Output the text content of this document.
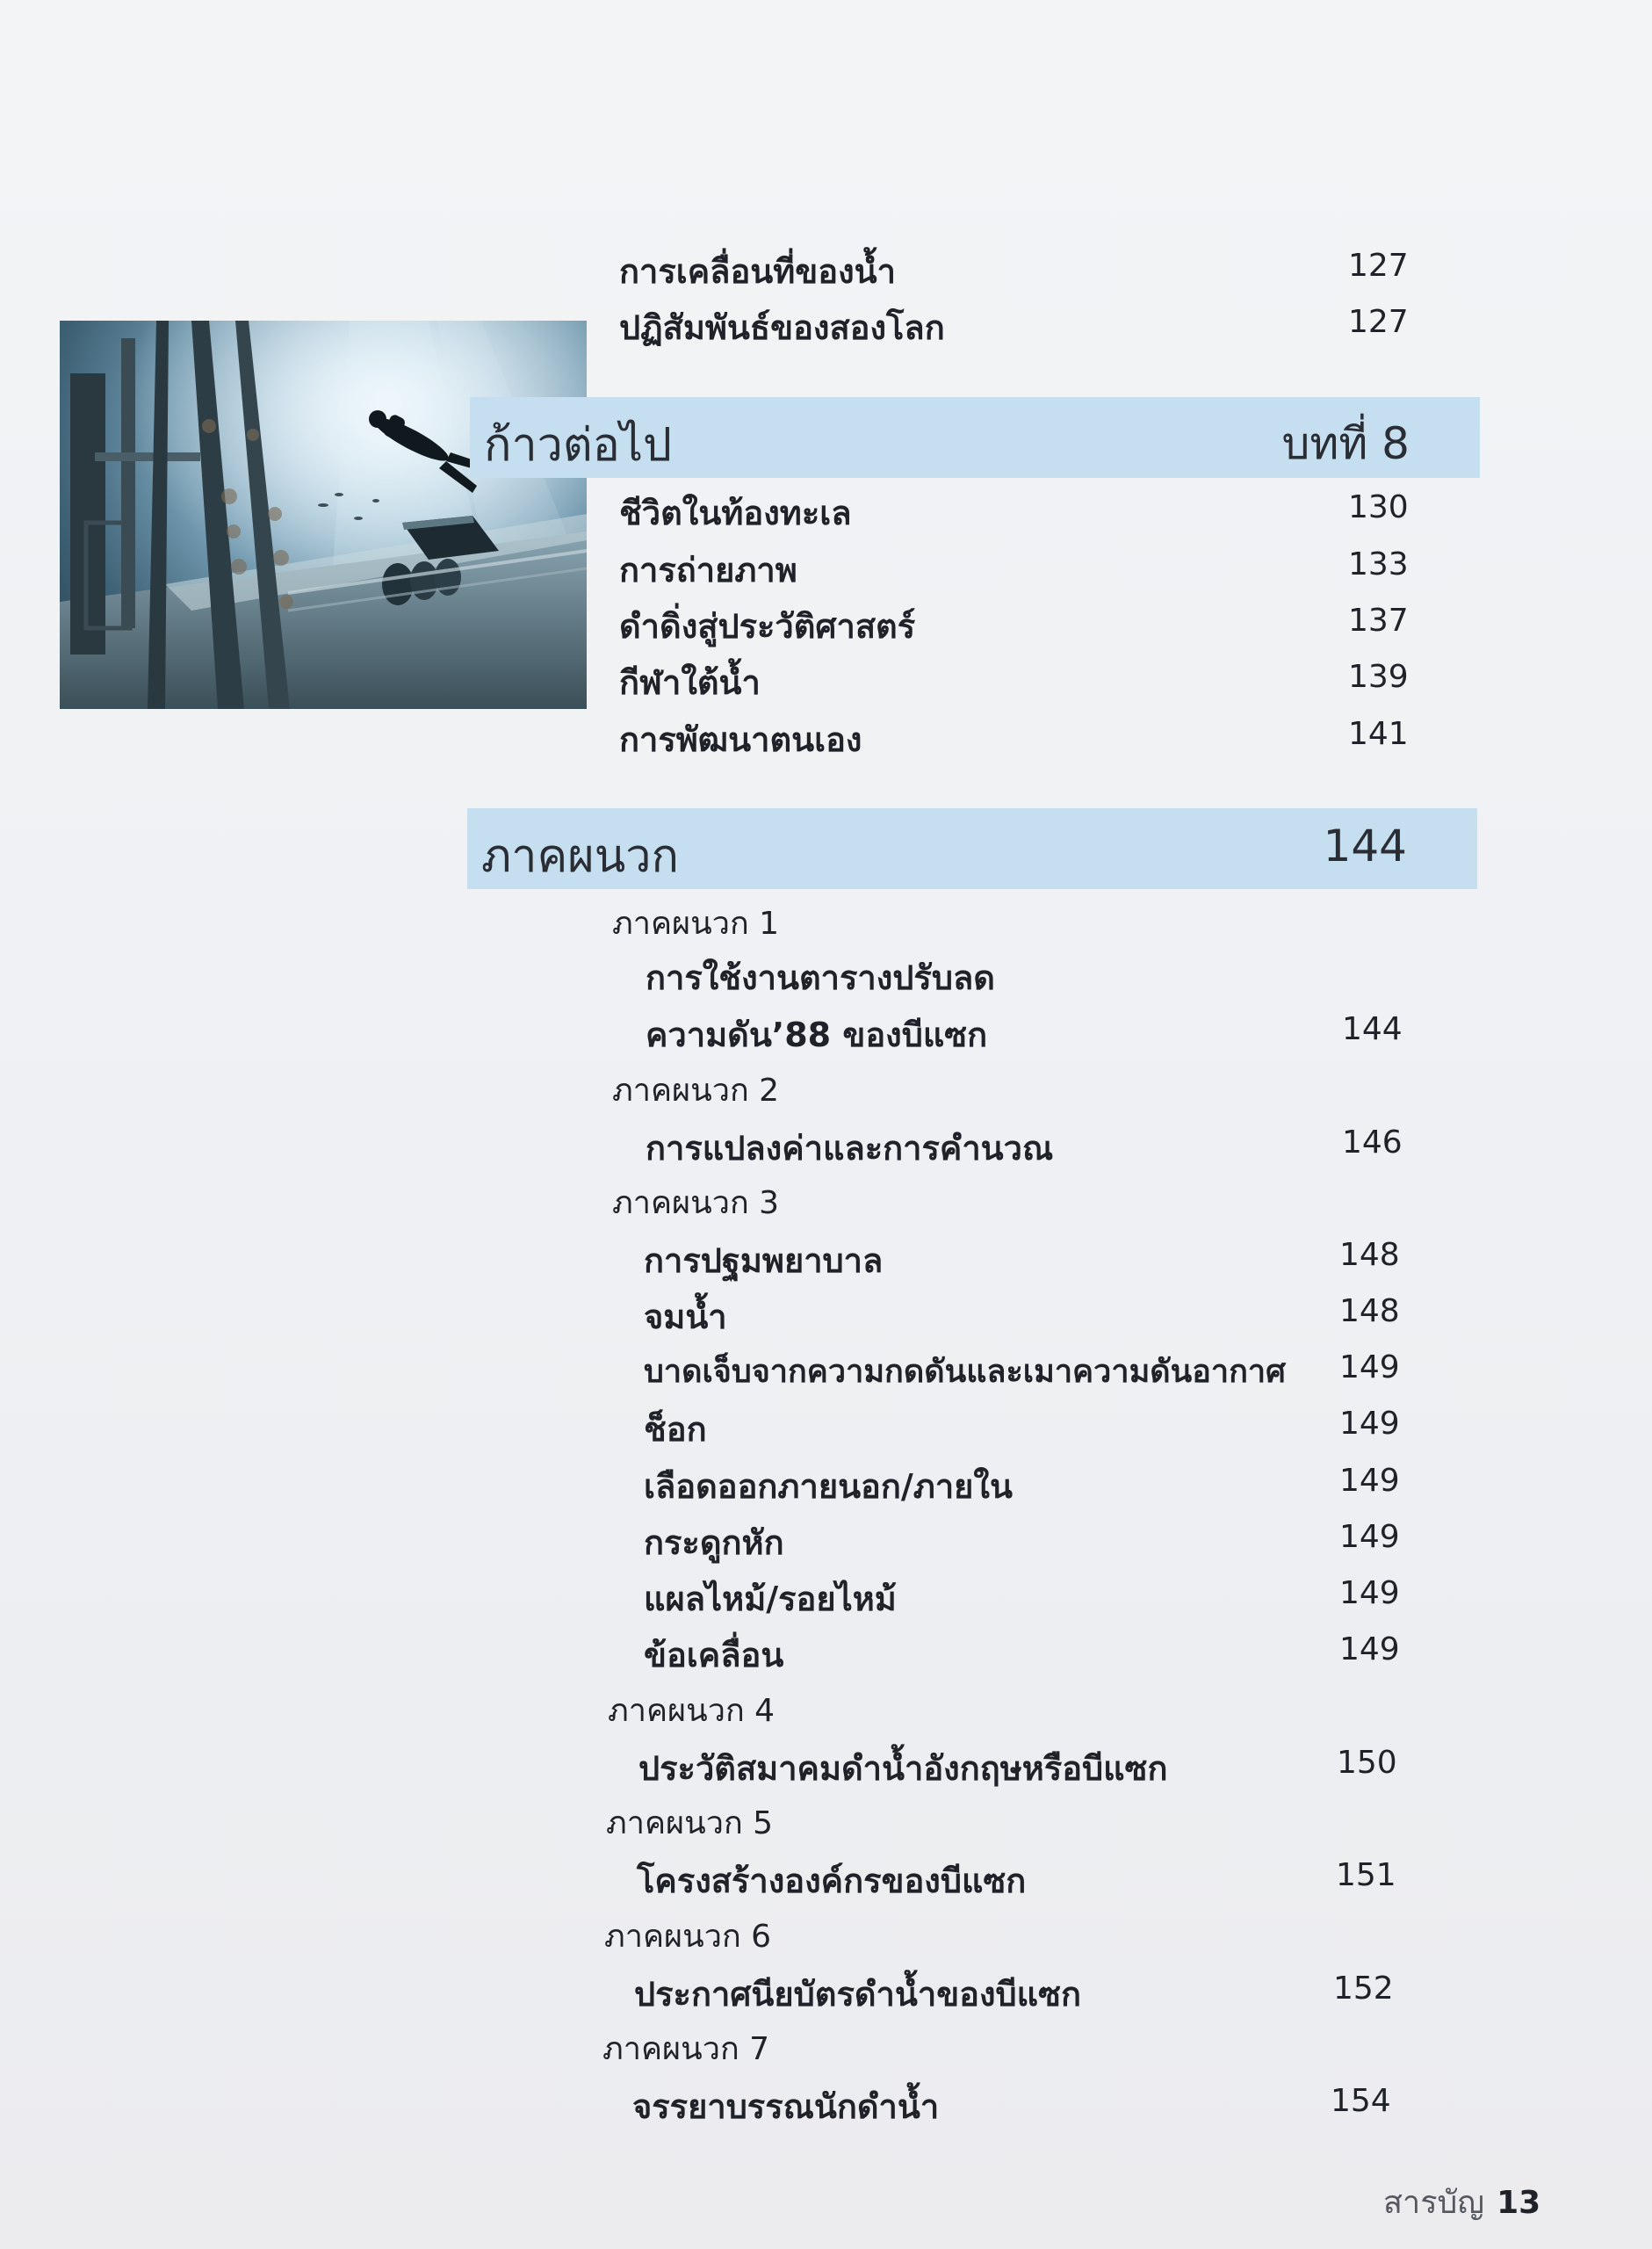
การเคลื่อนที่ของน้ำ	127
ปฏิสัมพันธ์ของสองโลก	127
ก้าวต่อไป	บทที่ 8
ชีวิตในท้องทะเล	130
การถ่ายภาพ	133
ดำดิ่งสู่ประวัติศาสตร์	137
กีฬาใต้น้ำ	139
การพัฒนาตนเอง	141
ภาคผนวก	144
ภาคผนวก 1
การใช้งานตารางปรับลด
ความดัน’88 ของบีแซก	144
ภาคผนวก 2
การแปลงค่าและการคำนวณ	146
ภาคผนวก 3
การปฐมพยาบาล	148
จมน้ำ	148
บาดเจ็บจากความกดดันและเมาความดันอากาศ 149
ช็อก	149
เลือดออกภายนอก/ภายใน	149
กระดูกหัก	149
แผลไหม้/รอยไหม้	149
ข้อเคลื่อน	149
ภาคผนวก 4
ประวัติสมาคมดำน้ำอังกฤษหรือบีแซก	150
ภาคผนวก 5
โครงสร้างองค์กรของบีแซก	151
ภาคผนวก 6
ประกาศนียบัตรดำน้ำของบีแซก	152
ภาคผนวก 7
จรรยาบรรณนักดำน้ำ	154
สารบัญ 13
